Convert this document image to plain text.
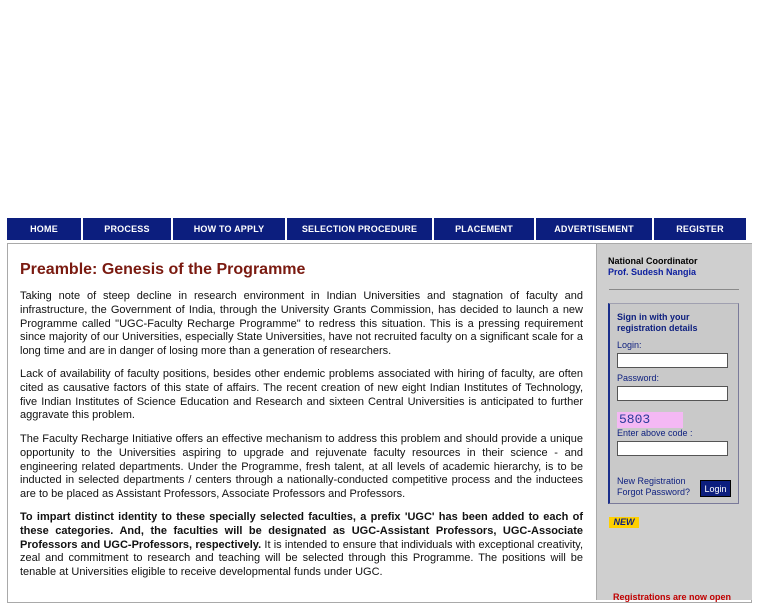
HOME	PROCESS	HOW TO APPLY	SELECTION PROCEDURE	PLACEMENT	ADVERTISEMENT	REGISTER
Preamble: Genesis of the Programme

Taking note of steep decline in research environment in Indian Universities and stagnation of faculty and infrastructure, the Government of India, through the University Grants Commission, has decided to launch a new Programme called "UGC-Faculty Recharge Programme" to redress this situation. This is a pressing requirement since majority of our Universities, especially State Universities, have not recruited faculty on a significant scale for a long time and are in danger of losing more than a generation of researchers.

Lack of availability of faculty positions, besides other endemic problems associated with hiring of faculty, are often cited as causative factors of this state of affairs. The recent creation of new eight Indian Institutes of Technology, five Indian Institutes of Science Education and Research and sixteen Central Universities is anticipated to further aggravate this problem.

The Faculty Recharge Initiative offers an effective mechanism to address this problem and should provide a unique opportunity to the Universities aspiring to upgrade and rejuvenate faculty resources in their science - and engineering related departments. Under the Programme, fresh talent, at all levels of academic hierarchy, is to be inducted in selected departments / centers through a nationally-conducted competitive process and the inductees are to be placed as Assistant Professors, Associate Professors and Professors.

To impart distinct identity to these specially selected faculties, a prefix 'UGC' has been added to each of these categories. And, the faculties will be designated as UGC-Assistant Professors, UGC-Associate Professors and UGC-Professors, respectively. It is intended to ensure that individuals with exceptional creativity, zeal and commitment to research and teaching will be selected through this Programme. The positions will be tenable at Universities eligible to receive developmental funds under UGC.

National Coordinator
Prof. Sudesh Nangia
Sign in with your registration details
Login:
Password:
5803
Enter above code :
New Registration
Forgot Password?	Login
NEW
Registrations are now open
